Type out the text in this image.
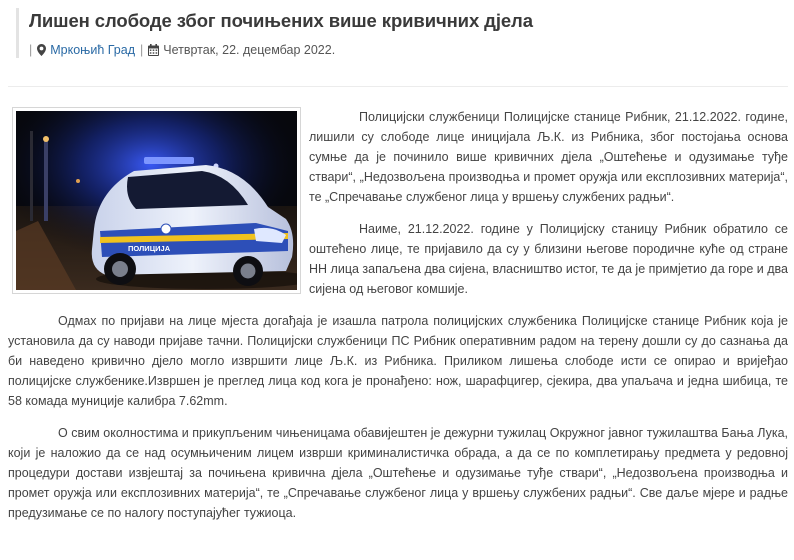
Лишен слободе због почињених више кривичних дјела
| Мркоњић Град | Четвртак, 22. децембар 2022.
ПОЛИЦИЈА

Полицијски службеници Полицијске станице Рибник, 21.12.2022. године, лишили су слободе лице иницијала Љ.К. из Рибника, због постојања основа сумње да је починило више кривичних дјела „Оштећење и одузимање туђе ствари“, „Недозвољена производња и промет оружја или експлозивних материја“, те „Спречавање службеног лица у вршењу службених радњи“.

Наиме, 21.12.2022. године у Полицијску станицу Рибник обратило се оштећено лице, те пријавило да су у близини његове породичне куће од стране НН лица запаљена два сијена, власништво истог, те да је примјетио да горе и два сијена од његовог комшије.

Одмах по пријави на лице мјеста догађаја је изашла патрола полицијских службеника Полицијске станице Рибник која је установила да су наводи пријаве тачни. Полицијски службеници ПС Рибник оперативним радом на терену дошли су до сазнања да би наведено кривично дјело могло извршити лице Љ.К. из Рибника. Приликом лишења слободе исти се опирао и вријеђао полицијске службенике.Извршен је преглед лица код кога је пронађено: нож, шарафцигер, сјекира, два упаљача и једна шибица, те 58 комада муниције калибра 7.62mm.

О свим околностима и прикупљеним чињеницама обавијештен је дежурни тужилац Окружног јавног тужилаштва Бања Лука, који је наложио да се над осумњиченим лицем изврши криминалистичка обрада, а да се по комплетирању предмета у редовној процедури достави извјештај за почињена кривична дјела „Оштећење и одузимање туђе ствари“, „Недозвољена производња и промет оружја или експлозивних материја“, те „Спречавање службеног лица у вршењу службених радњи“. Све даље мјере и радње предузимање се по налогу поступајућег тужиоца.
